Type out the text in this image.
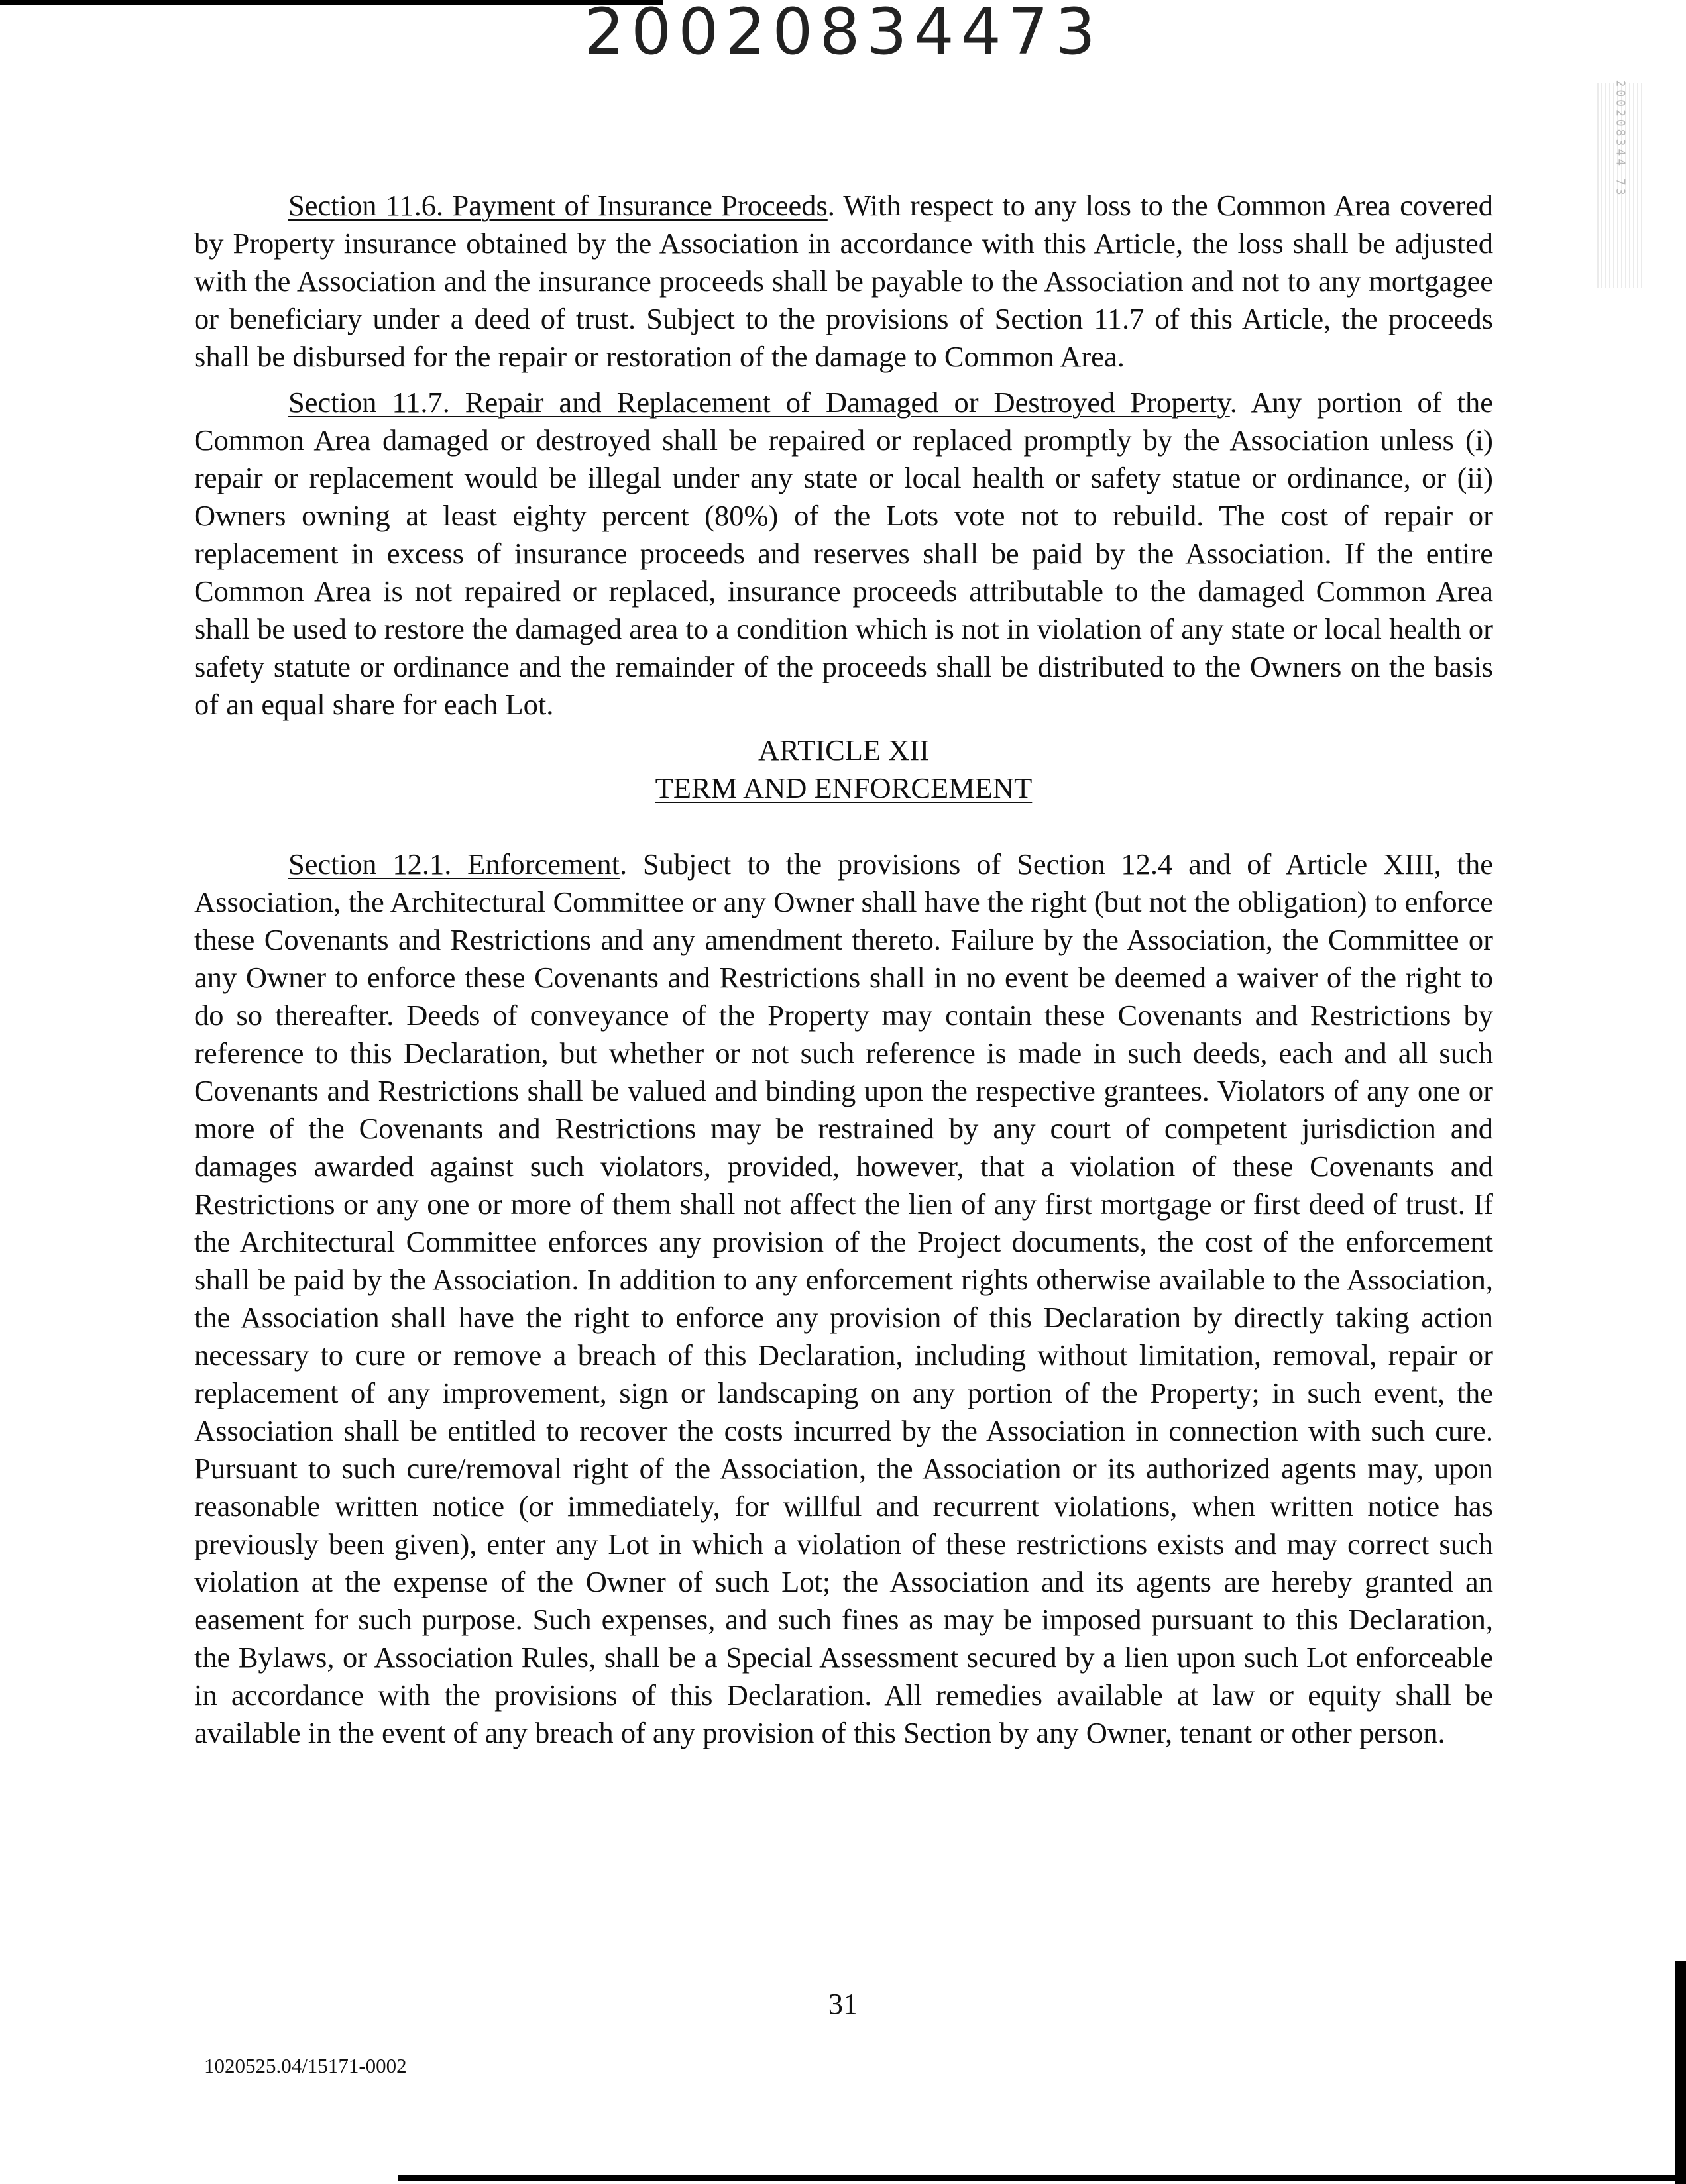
20020834473
200208344 73

Section 11.6. Payment of Insurance Proceeds. With respect to any loss to the Common Area covered by Property insurance obtained by the Association in accordance with this Article, the loss shall be adjusted with the Association and the insurance proceeds shall be payable to the Association and not to any mortgagee or beneficiary under a deed of trust. Subject to the provisions of Section 11.7 of this Article, the proceeds shall be disbursed for the repair or restoration of the damage to Common Area.

Section 11.7. Repair and Replacement of Damaged or Destroyed Property. Any portion of the Common Area damaged or destroyed shall be repaired or replaced promptly by the Association unless (i) repair or replacement would be illegal under any state or local health or safety statue or ordinance, or (ii) Owners owning at least eighty percent (80%) of the Lots vote not to rebuild. The cost of repair or replacement in excess of insurance proceeds and reserves shall be paid by the Association. If the entire Common Area is not repaired or replaced, insurance proceeds attributable to the damaged Common Area shall be used to restore the damaged area to a condition which is not in violation of any state or local health or safety statute or ordinance and the remainder of the proceeds shall be distributed to the Owners on the basis of an equal share for each Lot.

ARTICLE XII
TERM AND ENFORCEMENT

Section 12.1. Enforcement. Subject to the provisions of Section 12.4 and of Article XIII, the Association, the Architectural Committee or any Owner shall have the right (but not the obligation) to enforce these Covenants and Restrictions and any amendment thereto. Failure by the Association, the Committee or any Owner to enforce these Covenants and Restrictions shall in no event be deemed a waiver of the right to do so thereafter. Deeds of conveyance of the Property may contain these Covenants and Restrictions by reference to this Declaration, but whether or not such reference is made in such deeds, each and all such Covenants and Restrictions shall be valued and binding upon the respective grantees. Violators of any one or more of the Covenants and Restrictions may be restrained by any court of competent jurisdiction and damages awarded against such violators, provided, however, that a violation of these Covenants and Restrictions or any one or more of them shall not affect the lien of any first mortgage or first deed of trust. If the Architectural Committee enforces any provision of the Project documents, the cost of the enforcement shall be paid by the Association. In addition to any enforcement rights otherwise available to the Association, the Association shall have the right to enforce any provision of this Declaration by directly taking action necessary to cure or remove a breach of this Declaration, including without limitation, removal, repair or replacement of any improvement, sign or landscaping on any portion of the Property; in such event, the Association shall be entitled to recover the costs incurred by the Association in connection with such cure. Pursuant to such cure/removal right of the Association, the Association or its authorized agents may, upon reasonable written notice (or immediately, for willful and recurrent violations, when written notice has previously been given), enter any Lot in which a violation of these restrictions exists and may correct such violation at the expense of the Owner of such Lot; the Association and its agents are hereby granted an easement for such purpose. Such expenses, and such fines as may be imposed pursuant to this Declaration, the Bylaws, or Association Rules, shall be a Special Assessment secured by a lien upon such Lot enforceable in accordance with the provisions of this Declaration. All remedies available at law or equity shall be available in the event of any breach of any provision of this Section by any Owner, tenant or other person.

31
1020525.04/15171-0002
